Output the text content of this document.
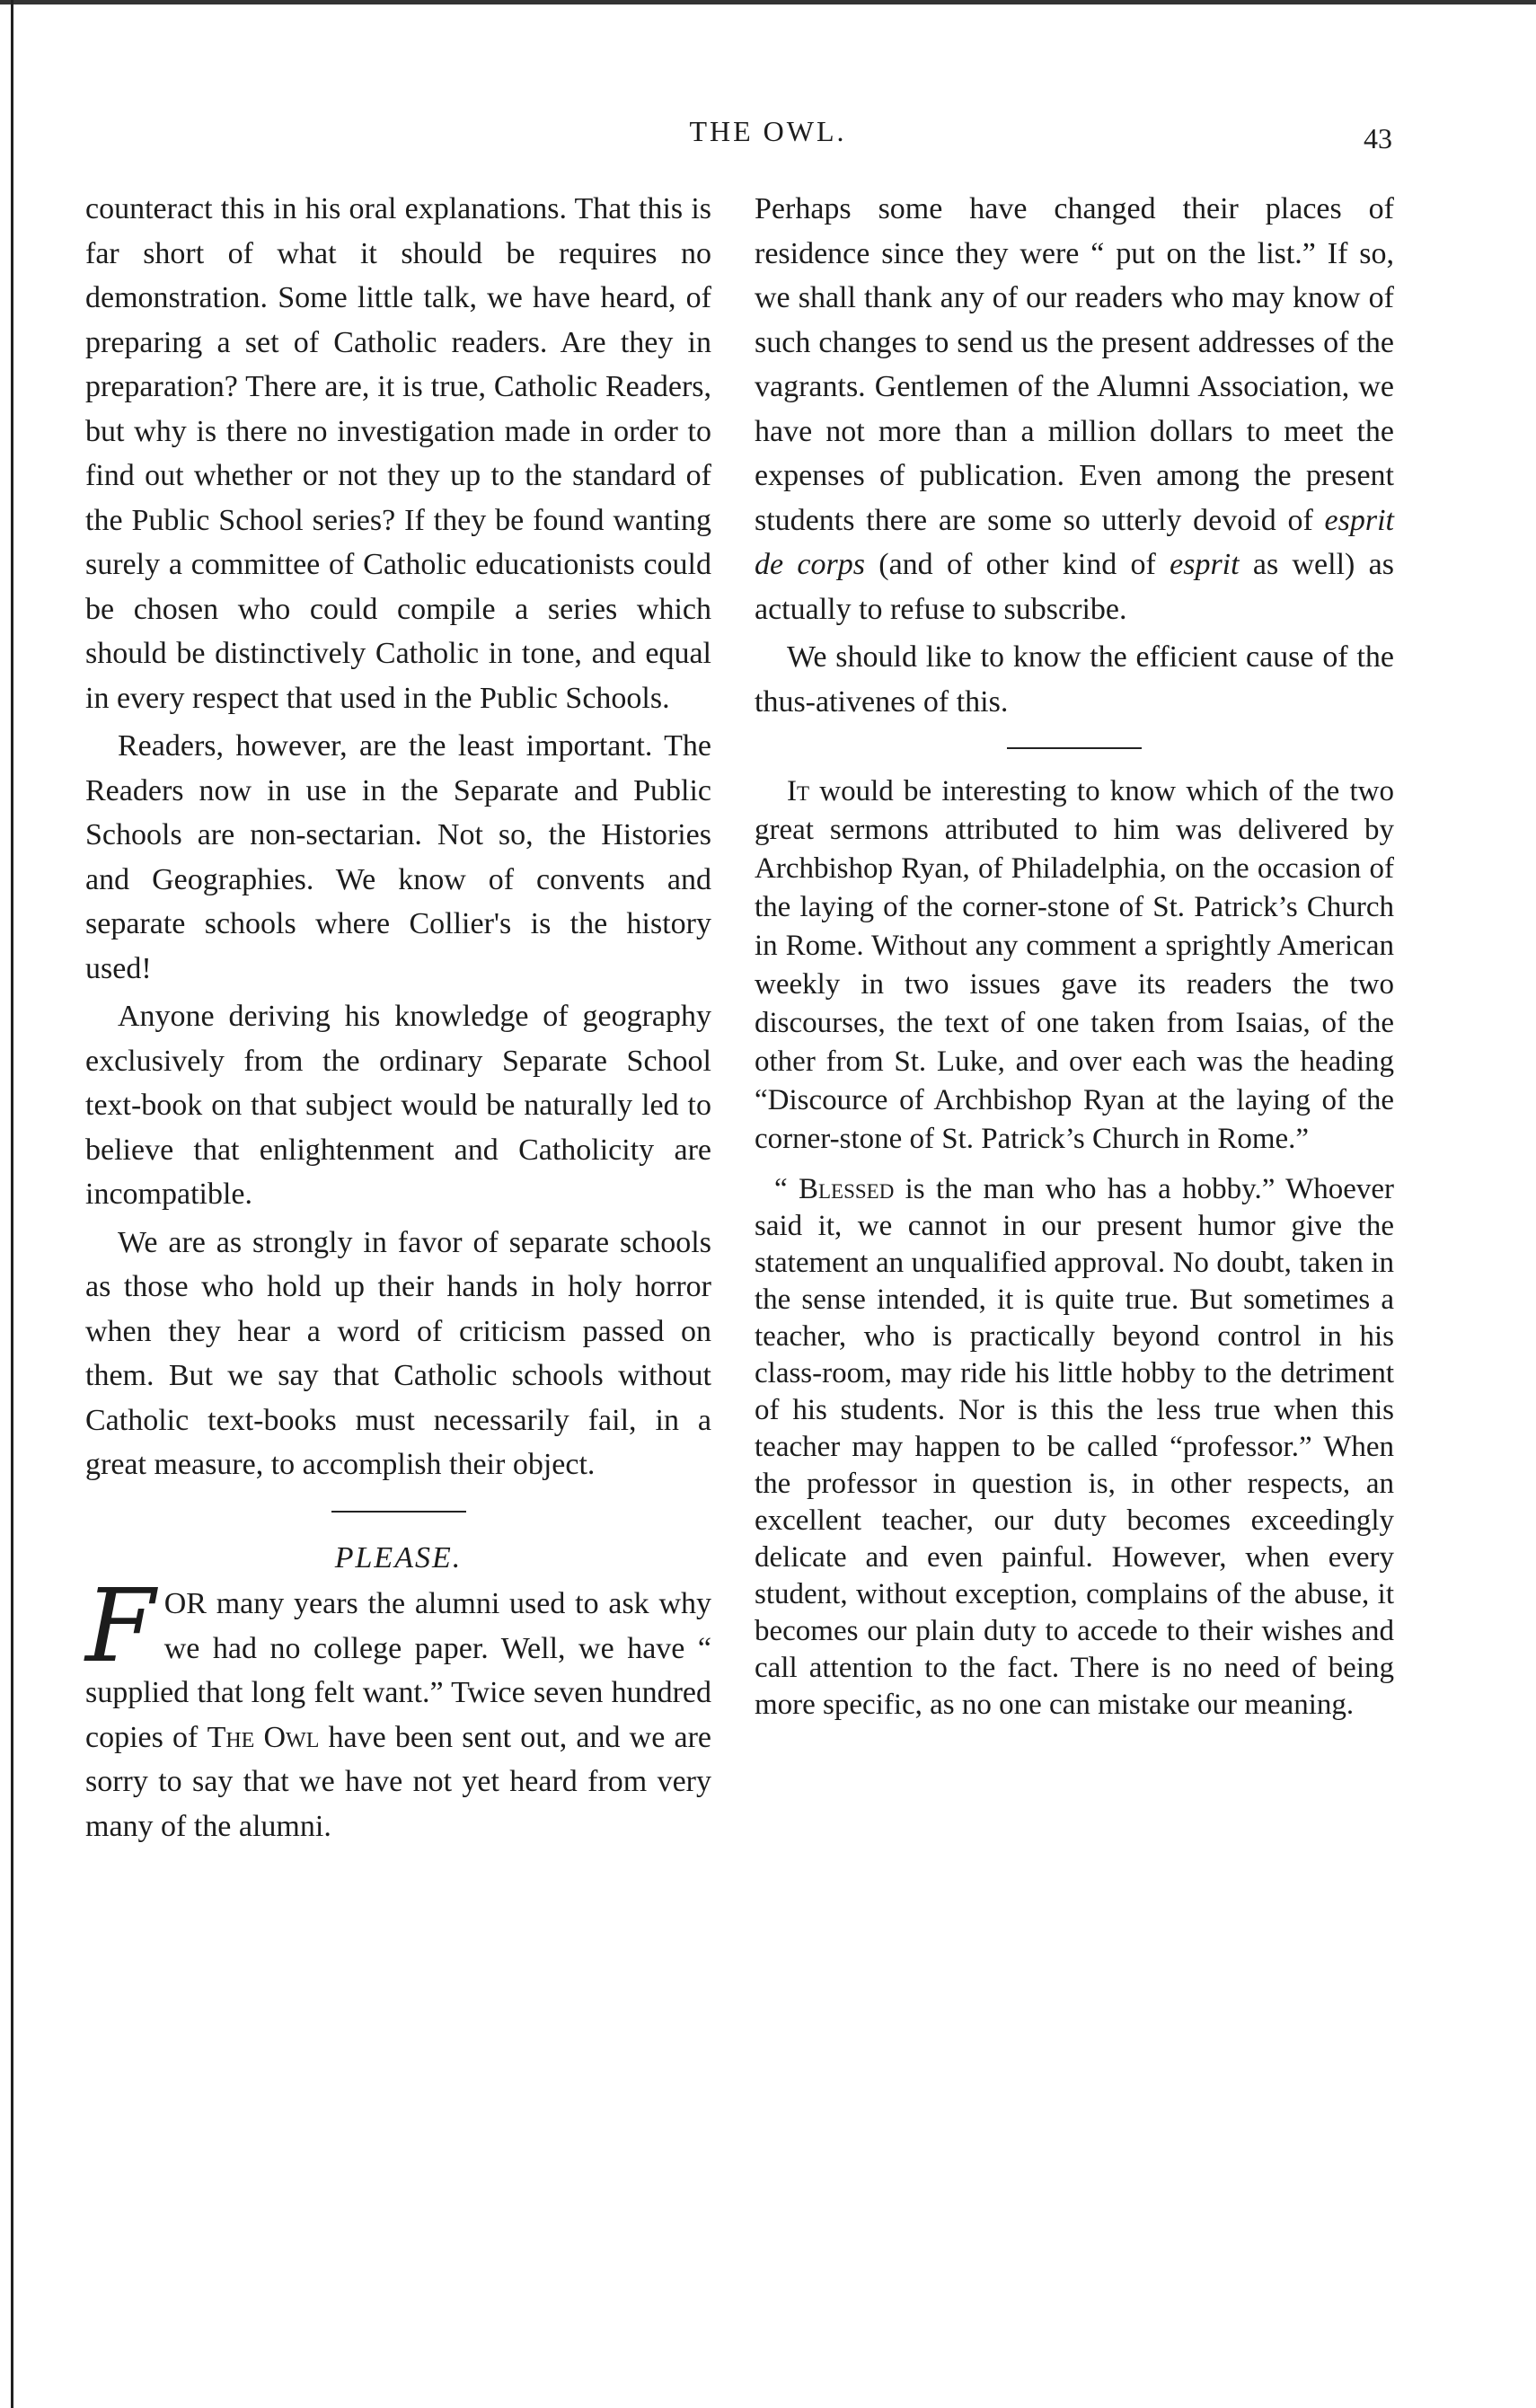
THE OWL.	43

counteract this in his oral explanations. That this is far short of what it should be requires no demonstration. Some little talk, we have heard, of preparing a set of Catholic readers. Are they in preparation? There are, it is true, Catholic Readers, but why is there no investigation made in order to find out whether or not they up to the standard of the Public School series? If they be found wanting surely a committee of Catholic educationists could be chosen who could compile a series which should be distinctively Catholic in tone, and equal in every respect that used in the Public Schools.

Readers, however, are the least important. The Readers now in use in the Separate and Public Schools are non-sectarian. Not so, the Histories and Geographies. We know of convents and separate schools where Collier's is the history used!

Anyone deriving his knowledge of geography exclusively from the ordinary Separate School text-book on that subject would be naturally led to believe that enlightenment and Catholicity are incompatible.

We are as strongly in favor of separate schools as those who hold up their hands in holy horror when they hear a word of criticism passed on them. But we say that Catholic schools without Catholic text-books must necessarily fail, in a great measure, to accomplish their object.

PLEASE.

FOR many years the alumni used to ask why we had no college paper. Well, we have “ supplied that long felt want.” Twice seven hundred copies of The Owl have been sent out, and we are sorry to say that we have not yet heard from very many of the alumni.

Perhaps some have changed their places of residence since they were “ put on the list.” If so, we shall thank any of our readers who may know of such changes to send us the present addresses of the vagrants. Gentlemen of the Alumni Association, we have not more than a million dollars to meet the expenses of publication. Even among the present students there are some so utterly devoid of esprit de corps (and of other kind of esprit as well) as actually to refuse to subscribe.

We should like to know the efficient cause of the thus-ativenes of this.

It would be interesting to know which of the two great sermons attributed to him was delivered by Archbishop Ryan, of Philadelphia, on the occasion of the laying of the corner-stone of St. Patrick’s Church in Rome. Without any comment a sprightly American weekly in two issues gave its readers the two discourses, the text of one taken from Isaias, of the other from St. Luke, and over each was the heading “Discource of Archbishop Ryan at the laying of the corner-stone of St. Patrick’s Church in Rome.”

“ Blessed is the man who has a hobby.” Whoever said it, we cannot in our present humor give the statement an unqualified approval. No doubt, taken in the sense intended, it is quite true. But sometimes a teacher, who is practically beyond control in his class-room, may ride his little hobby to the detriment of his students. Nor is this the less true when this teacher may happen to be called “professor.” When the professor in question is, in other respects, an excellent teacher, our duty becomes exceedingly delicate and even painful. However, when every student, without exception, complains of the abuse, it becomes our plain duty to accede to their wishes and call attention to the fact. There is no need of being more specific, as no one can mistake our meaning.
